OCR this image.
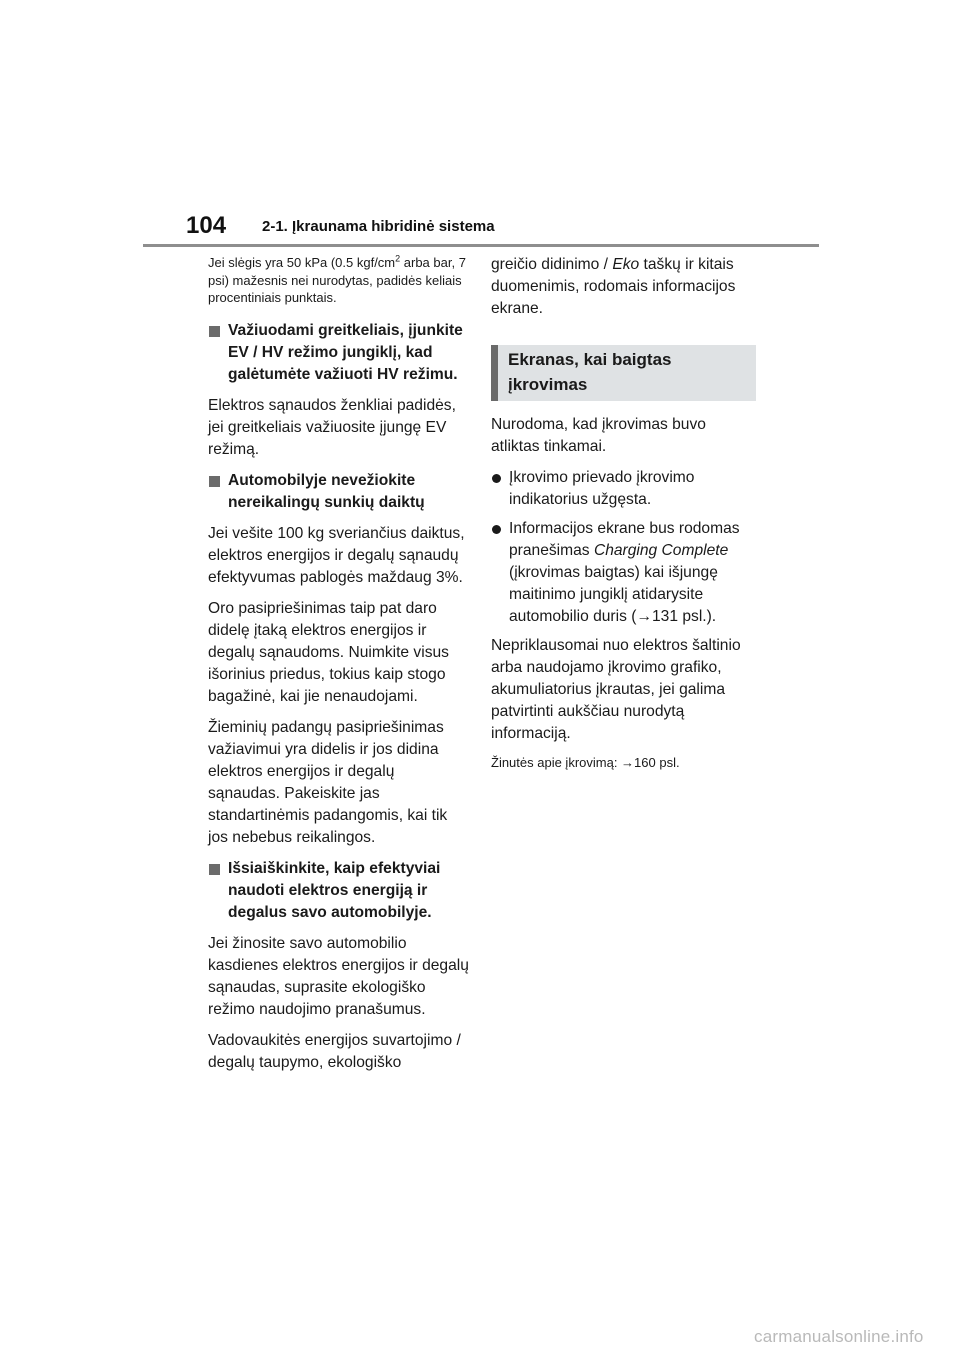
104 2-1. Įkraunama hibridinė sistema

Jei slėgis yra 50 kPa (0.5 kgf/$cm^2$ arba bar, 7 psi) mažesnis nei nurodytas, padidės keliais procentiniais punktais.

Važiuodami greitkeliais, įjunkite EV / HV režimo jungiklį, kad galėtumėte važiuoti HV režimu.

Elektros sąnaudos ženkliai padidės, jei greitkeliais važiuosite įjungę EV režimą.

Automobilyje nevežiokite nereikalingų sunkių daiktų

Jei vešite 100 kg sveriančius daiktus, elektros energijos ir degalų sąnaudų efektyvumas pablogės maždaug 3%.

Oro pasipriešinimas taip pat daro didelę įtaką elektros energijos ir degalų sąnaudoms. Nuimkite visus išorinius priedus, tokius kaip stogo bagažinė, kai jie nenaudojami.

Žieminių padangų pasipriešinimas važiavimui yra didelis ir jos didina elektros energijos ir degalų sąnaudas. Pakeiskite jas standartinėmis padangomis, kai tik jos nebebus reikalingos.

Išsiaiškinkite, kaip efektyviai naudoti elektros energiją ir degalus savo automobilyje.

Jei žinosite savo automobilio kasdienes elektros energijos ir degalų sąnaudas, suprasite ekologiško režimo naudojimo pranašumus.

Vadovaukitės energijos suvartojimo / degalų taupymo, ekologiško

greičio didinimo / Eko taškų ir kitais duomenimis, rodomais informacijos ekrane.

Ekranas, kai baigtas įkrovimas

Nurodoma, kad įkrovimas buvo atliktas tinkamai.

Įkrovimo prievado įkrovimo indikatorius užgęsta.
Informacijos ekrane bus rodomas pranešimas Charging Complete (įkrovimas baigtas) kai išjungę maitinimo jungiklį atidarysite automobilio duris (→131 psl.).

Nepriklausomai nuo elektros šaltinio arba naudojamo įkrovimo grafiko, akumuliatorius įkrautas, jei galima patvirtinti aukščiau nurodytą informaciją.

Žinutės apie įkrovimą: →160 psl.

carmanualsonline.info
